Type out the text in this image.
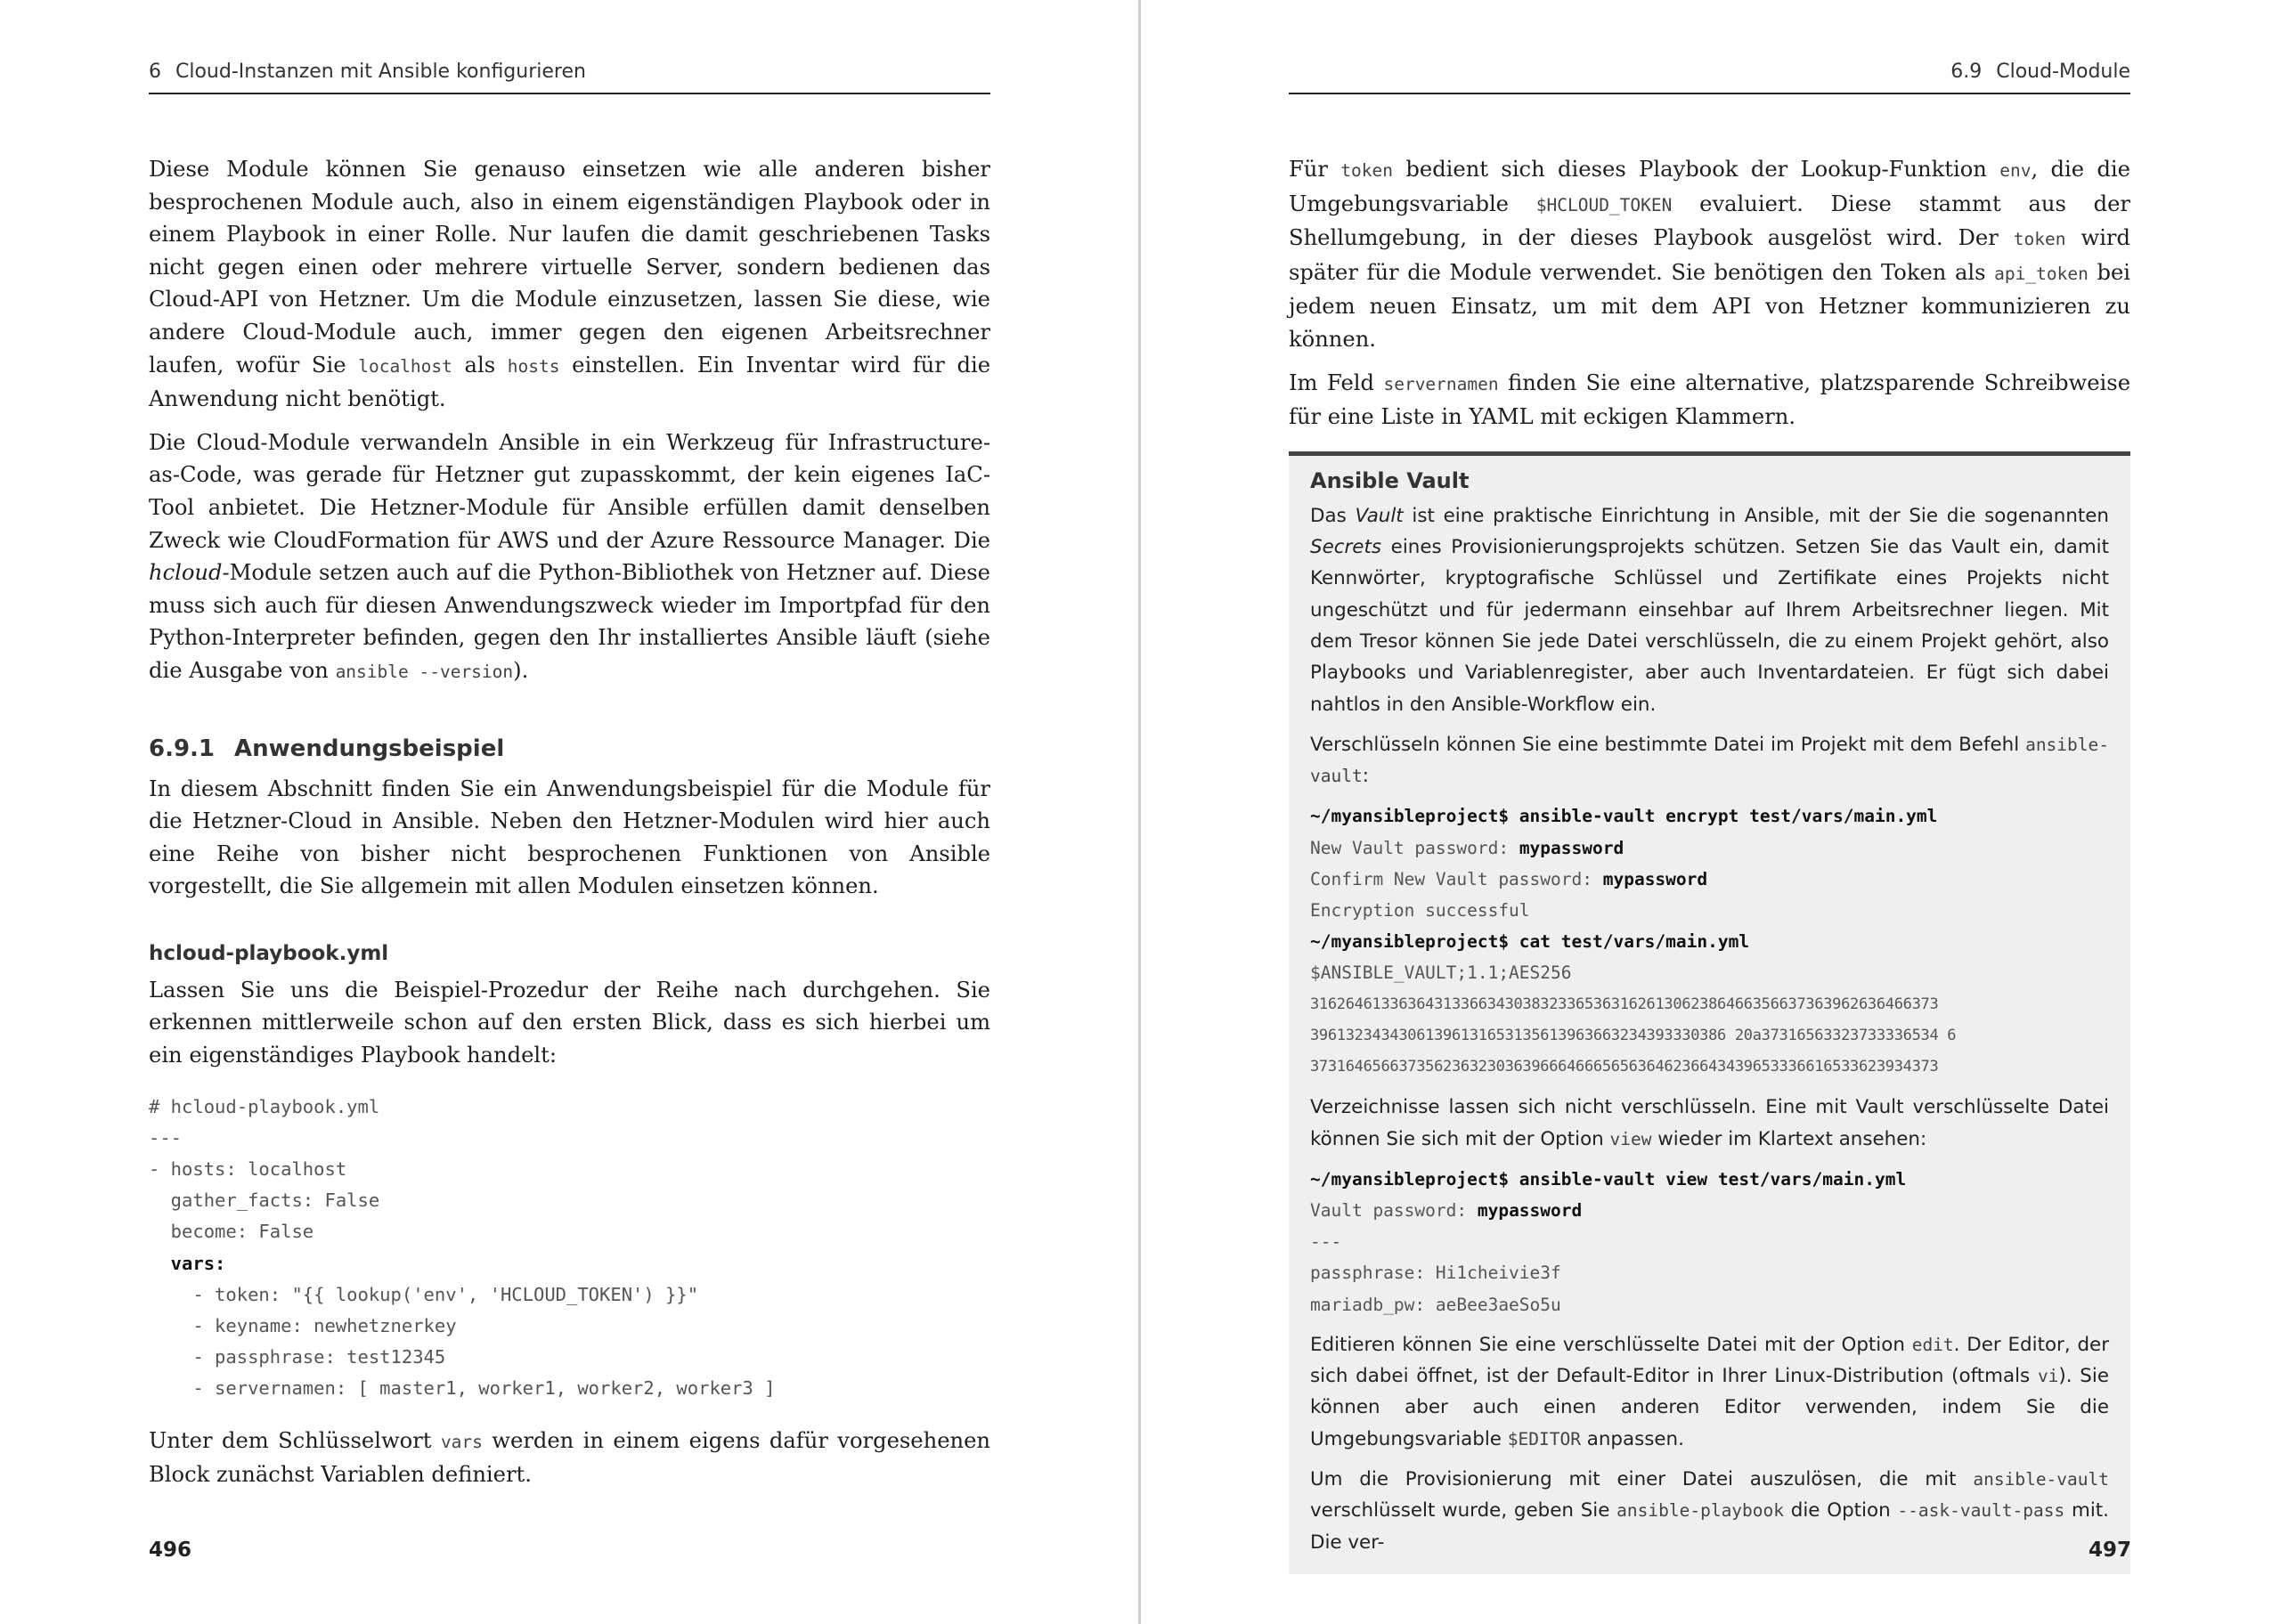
6 Cloud-Instanzen mit Ansible konfigurieren

Diese Module können Sie genauso einsetzen wie alle anderen bisher besprochenen Module auch, also in einem eigenständigen Playbook oder in einem Playbook in einer Rolle. Nur laufen die damit geschriebenen Tasks nicht gegen einen oder mehrere virtuelle Server, sondern bedienen das Cloud-API von Hetzner. Um die Module einzusetzen, lassen Sie diese, wie andere Cloud-Module auch, immer gegen den eigenen Arbeitsrechner laufen, wofür Sie localhost als hosts einstellen. Ein Inventar wird für die Anwendung nicht benötigt.

Die Cloud-Module verwandeln Ansible in ein Werkzeug für Infrastructure-as-Code, was gerade für Hetzner gut zupasskommt, der kein eigenes IaC-Tool anbietet. Die Hetzner-Module für Ansible erfüllen damit denselben Zweck wie CloudFormation für AWS und der Azure Ressource Manager. Die hcloud-Module setzen auch auf die Python-Bibliothek von Hetzner auf. Diese muss sich auch für diesen Anwendungszweck wieder im Importpfad für den Python-Interpreter befinden, gegen den Ihr installiertes Ansible läuft (siehe die Ausgabe von ansible --version).

6.9.1 Anwendungsbeispiel

In diesem Abschnitt finden Sie ein Anwendungsbeispiel für die Module für die Hetzner-Cloud in Ansible. Neben den Hetzner-Modulen wird hier auch eine Reihe von bisher nicht besprochenen Funktionen von Ansible vorgestellt, die Sie allgemein mit allen Modulen einsetzen können.

hcloud-playbook.yml

Lassen Sie uns die Beispiel-Prozedur der Reihe nach durchgehen. Sie erkennen mittlerweile schon auf den ersten Blick, dass es sich hierbei um ein eigenständiges Playbook handelt:

# hcloud-playbook.yml
---
- hosts: localhost
gather_facts: False
become: False
vars:
- token: "{{ lookup('env', 'HCLOUD_TOKEN') }}"
- keyname: newhetznerkey
- passphrase: test12345
- servernamen: [ master1, worker1, worker2, worker3 ]

Unter dem Schlüsselwort vars werden in einem eigens dafür vorgesehenen Block zunächst Variablen definiert.

496
6.9 Cloud-Module

Für token bedient sich dieses Playbook der Lookup-Funktion env, die die Umgebungsvariable $HCLOUD_TOKEN evaluiert. Diese stammt aus der Shellumgebung, in der dieses Playbook ausgelöst wird. Der token wird später für die Module verwendet. Sie benötigen den Token als api_token bei jedem neuen Einsatz, um mit dem API von Hetzner kommunizieren zu können.

Im Feld servernamen finden Sie eine alternative, platzsparende Schreibweise für eine Liste in YAML mit eckigen Klammern.

Ansible Vault

Das Vault ist eine praktische Einrichtung in Ansible, mit der Sie die sogenannten Secrets eines Provisionierungsprojekts schützen. Setzen Sie das Vault ein, damit Kennwörter, kryptografische Schlüssel und Zertifikate eines Projekts nicht ungeschützt und für jedermann einsehbar auf Ihrem Arbeitsrechner liegen. Mit dem Tresor können Sie jede Datei verschlüsseln, die zu einem Projekt gehört, also Playbooks und Variablenregister, aber auch Inventardateien. Er fügt sich dabei nahtlos in den Ansible-Workflow ein.

Verschlüsseln können Sie eine bestimmte Datei im Projekt mit dem Befehl ansible-vault:

~/myansibleproject$ ansible-vault encrypt test/vars/main.yml
New Vault password: mypassword
Confirm New Vault password: mypassword
Encryption successful
~/myansibleproject$ cat test/vars/main.yml
$ANSIBLE_VAULT;1.1;AES256
31626461336364313366343038323365363162613062386466356637363962636466373
39613234343061396131653135613963663234393330386 20a37316563323733336534 6
37316465663735623632303639666466656563646236643439653336616533623934373

Verzeichnisse lassen sich nicht verschlüsseln. Eine mit Vault verschlüsselte Datei können Sie sich mit der Option view wieder im Klartext ansehen:

~/myansibleproject$ ansible-vault view test/vars/main.yml
Vault password: mypassword
---
passphrase: Hi1cheivie3f
mariadb_pw: aeBee3aeSo5u

Editieren können Sie eine verschlüsselte Datei mit der Option edit. Der Editor, der sich dabei öffnet, ist der Default-Editor in Ihrer Linux-Distribution (oftmals vi). Sie können aber auch einen anderen Editor verwenden, indem Sie die Umgebungsvariable $EDITOR anpassen.

Um die Provisionierung mit einer Datei auszulösen, die mit ansible-vault verschlüsselt wurde, geben Sie ansible-playbook die Option --ask-vault-pass mit. Die ver-	497
